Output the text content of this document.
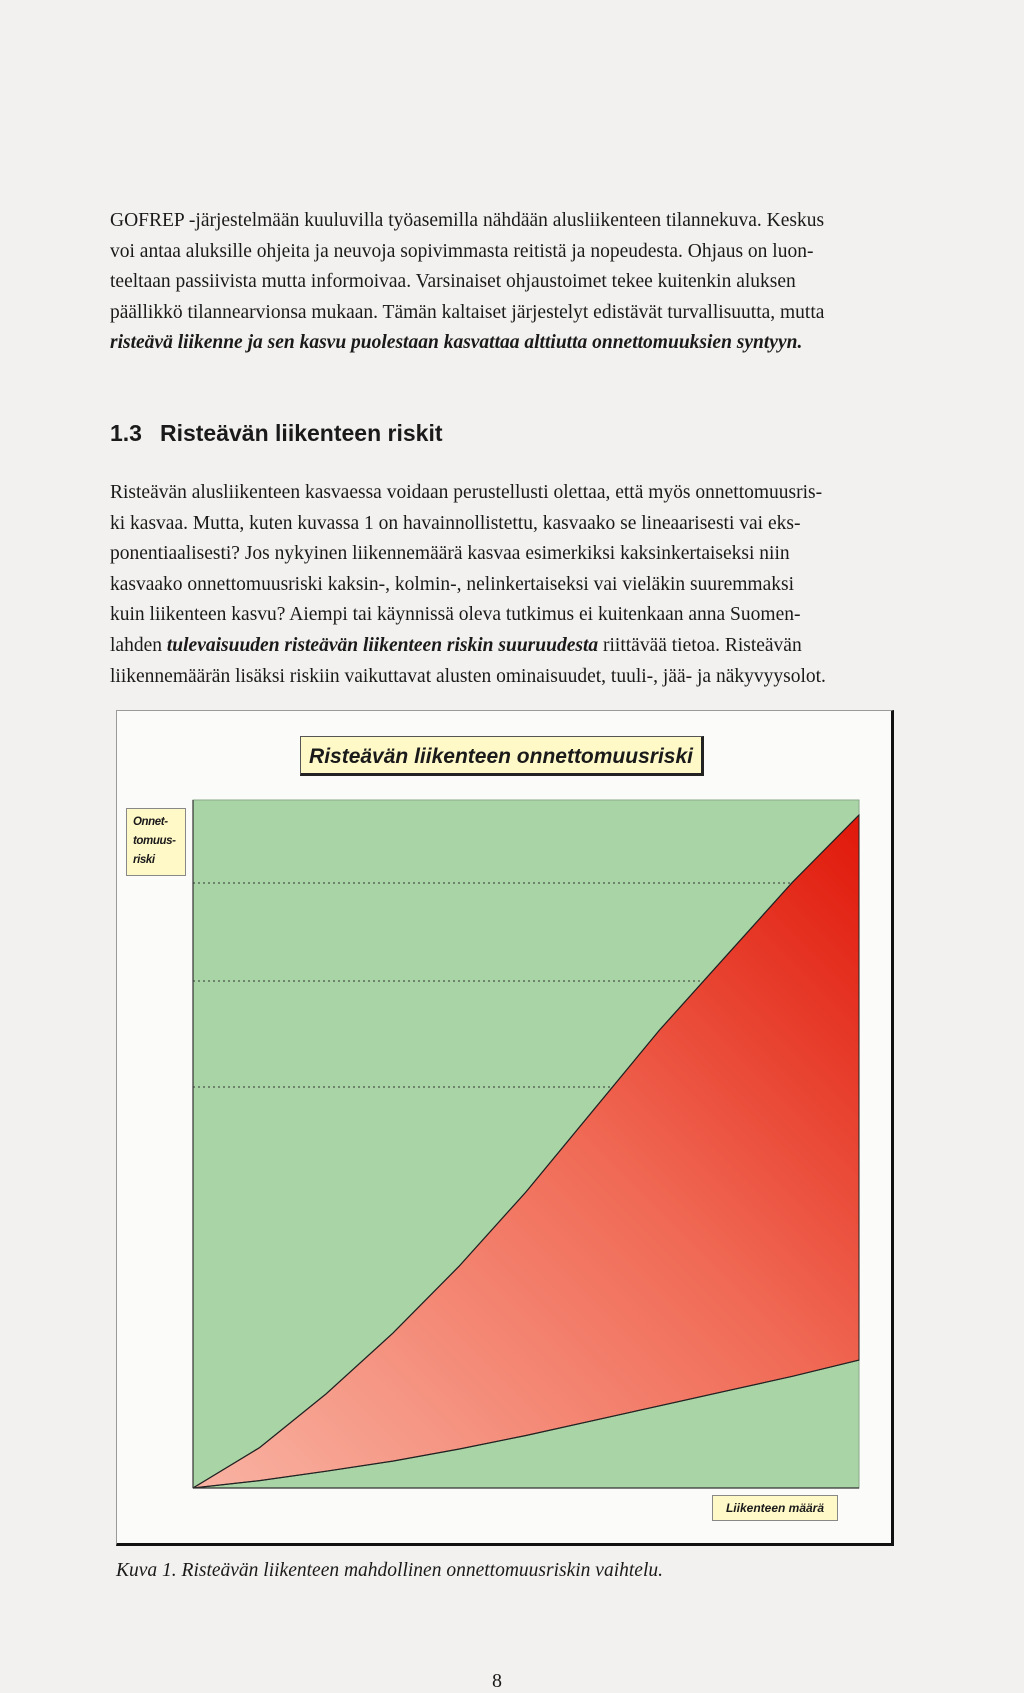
GOFREP -järjestelmään kuuluvilla työasemilla nähdään alusliikenteen tilannekuva. Keskus
voi antaa aluksille ohjeita ja neuvoja sopivimmasta reitistä ja nopeudesta. Ohjaus on luon-
teeltaan passiivista mutta informoivaa. Varsinaiset ohjaustoimet tekee kuitenkin aluksen
päällikkö tilannearvionsa mukaan. Tämän kaltaiset järjestelyt edistävät turvallisuutta, mutta
risteävä liikenne ja sen kasvu puolestaan kasvattaa alttiutta onnettomuuksien syntyyn.
1.3 Risteävän liikenteen riskit
Risteävän alusliikenteen kasvaessa voidaan perustellusti olettaa, että myös onnettomuusris-
ki kasvaa. Mutta, kuten kuvassa 1 on havainnollistettu, kasvaako se lineaarisesti vai eks-
ponentiaalisesti? Jos nykyinen liikennemäärä kasvaa esimerkiksi kaksinkertaiseksi niin
kasvaako onnettomuusriski kaksin-, kolmin-, nelinkertaiseksi vai vieläkin suuremmaksi
kuin liikenteen kasvu? Aiempi tai käynnissä oleva tutkimus ei kuitenkaan anna Suomen-
lahden tulevaisuuden risteävän liikenteen riskin suuruudesta riittävää tietoa. Risteävän
liikennemäärän lisäksi riskiin vaikuttavat alusten ominaisuudet, tuuli-, jää- ja näkyvyysolot.
Risteävän liikenteen onnettomuusriski
Onnet-
tomuus-
riski
Liikenteen määrä
Kuva 1. Risteävän liikenteen mahdollinen onnettomuusriskin vaihtelu.
8
